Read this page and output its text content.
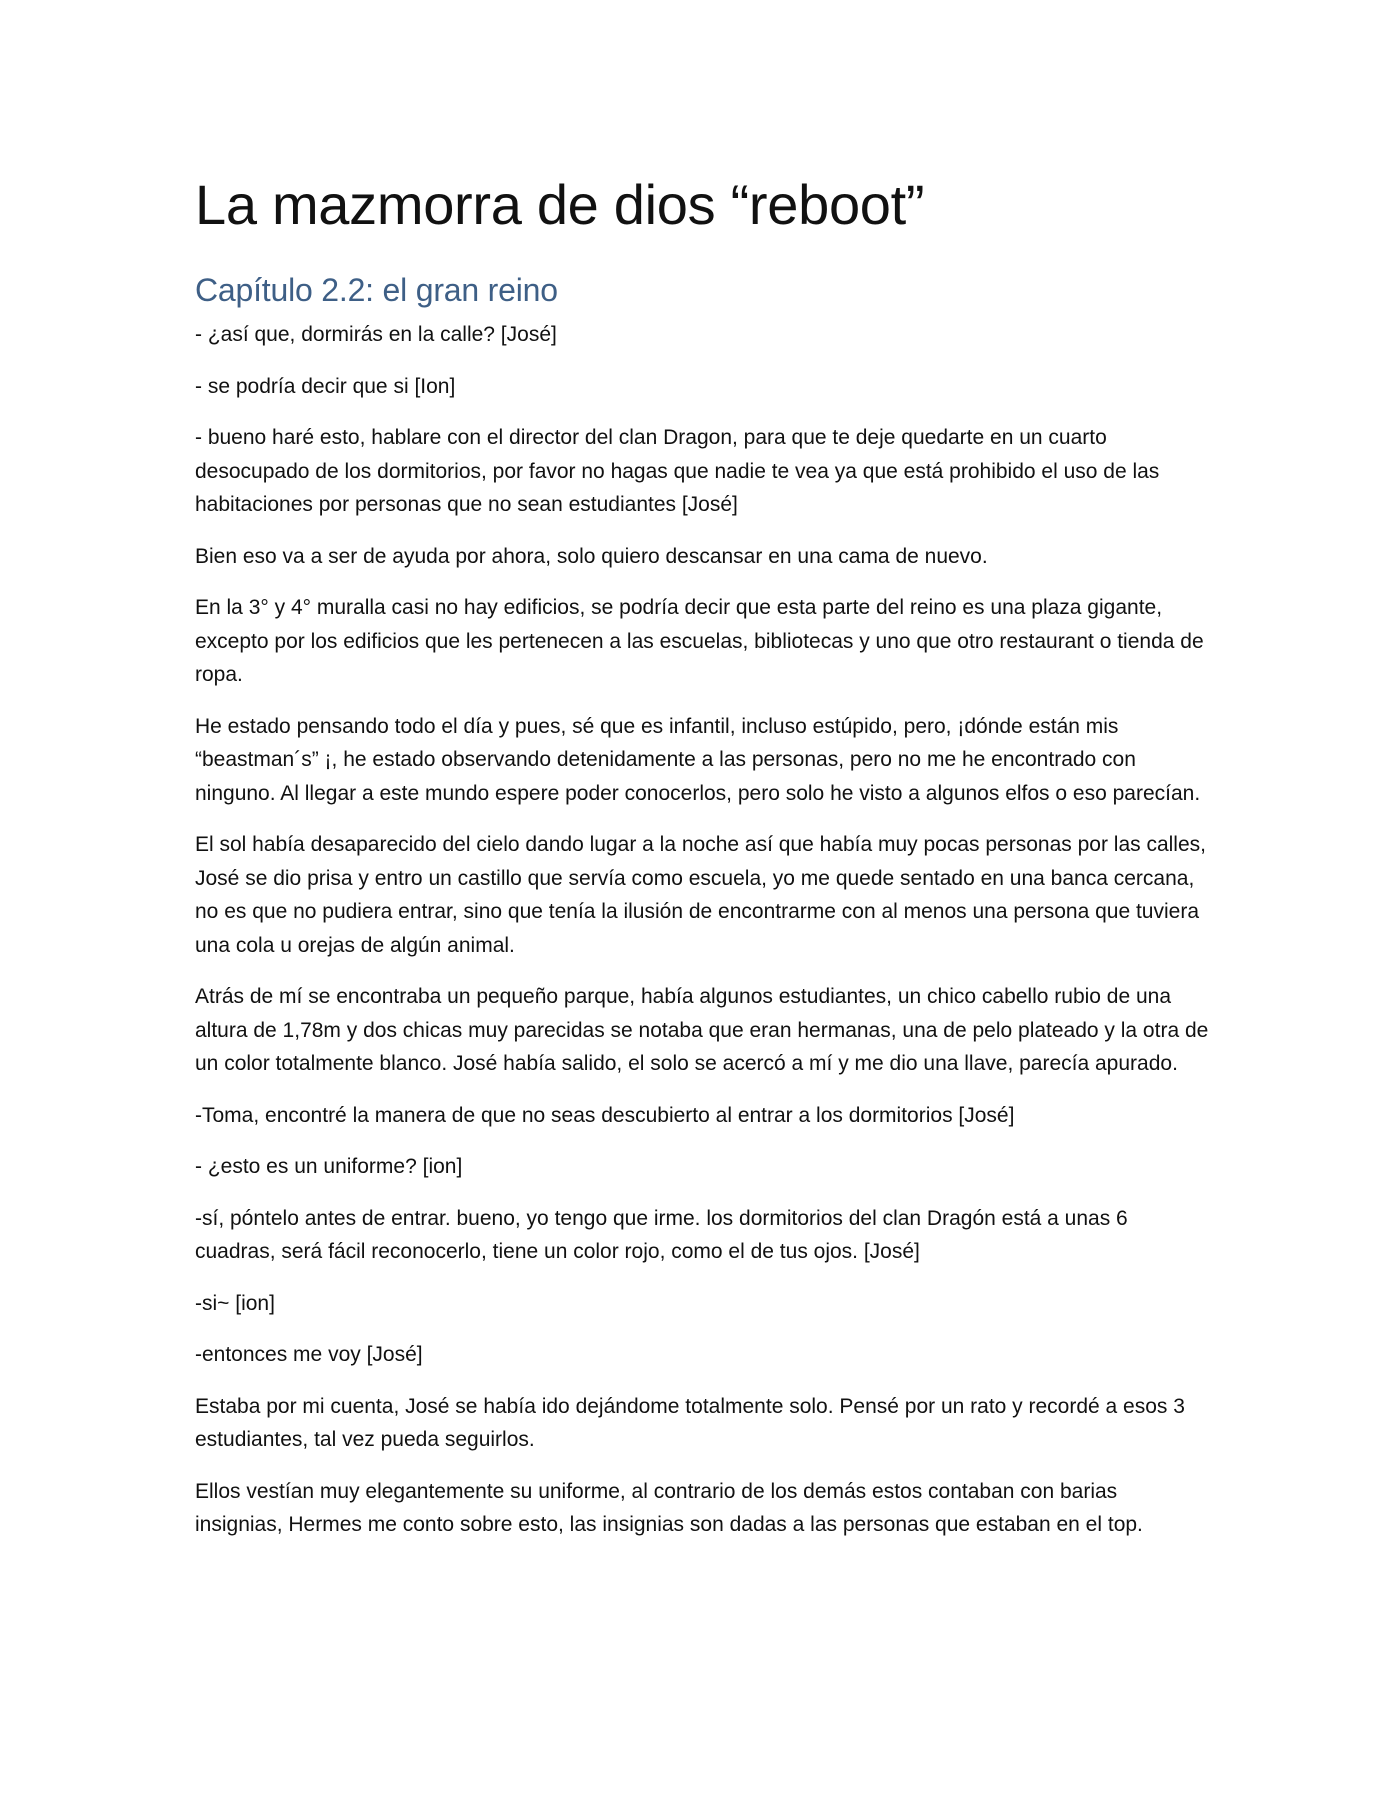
La mazmorra de dios “reboot”
Capítulo 2.2: el gran reino

- ¿así que, dormirás en la calle? [José]

- se podría decir que si [Ion]

- bueno haré esto, hablare con el director del clan Dragon, para que te deje quedarte en un cuarto desocupado de los dormitorios, por favor no hagas que nadie te vea ya que está prohibido el uso de las habitaciones por personas que no sean estudiantes [José]

Bien eso va a ser de ayuda por ahora, solo quiero descansar en una cama de nuevo.

En la 3° y 4° muralla casi no hay edificios, se podría decir que esta parte del reino es una plaza gigante, excepto por los edificios que les pertenecen a las escuelas, bibliotecas y uno que otro restaurant o tienda de ropa.

He estado pensando todo el día y pues, sé que es infantil, incluso estúpido, pero, ¡dónde están mis “beastman´s” ¡, he estado observando detenidamente a las personas, pero no me he encontrado con ninguno. Al llegar a este mundo espere poder conocerlos, pero solo he visto a algunos elfos o eso parecían.

El sol había desaparecido del cielo dando lugar a la noche así que había muy pocas personas por las calles, José se dio prisa y entro un castillo que servía como escuela, yo me quede sentado en una banca cercana, no es que no pudiera entrar, sino que tenía la ilusión de encontrarme con al menos una persona que tuviera una cola u orejas de algún animal.

Atrás de mí se encontraba un pequeño parque, había algunos estudiantes, un chico cabello rubio de una altura de 1,78m y dos chicas muy parecidas se notaba que eran hermanas, una de pelo plateado y la otra de un color totalmente blanco. José había salido, el solo se acercó a mí y me dio una llave, parecía apurado.

-Toma, encontré la manera de que no seas descubierto al entrar a los dormitorios [José]

- ¿esto es un uniforme? [ion]

-sí, póntelo antes de entrar. bueno, yo tengo que irme. los dormitorios del clan Dragón está a unas 6 cuadras, será fácil reconocerlo, tiene un color rojo, como el de tus ojos. [José]

-si~ [ion]

-entonces me voy [José]

Estaba por mi cuenta, José se había ido dejándome totalmente solo. Pensé por un rato y recordé a esos 3 estudiantes, tal vez pueda seguirlos.

Ellos vestían muy elegantemente su uniforme, al contrario de los demás estos contaban con barias insignias, Hermes me conto sobre esto, las insignias son dadas a las personas que estaban en el top.
